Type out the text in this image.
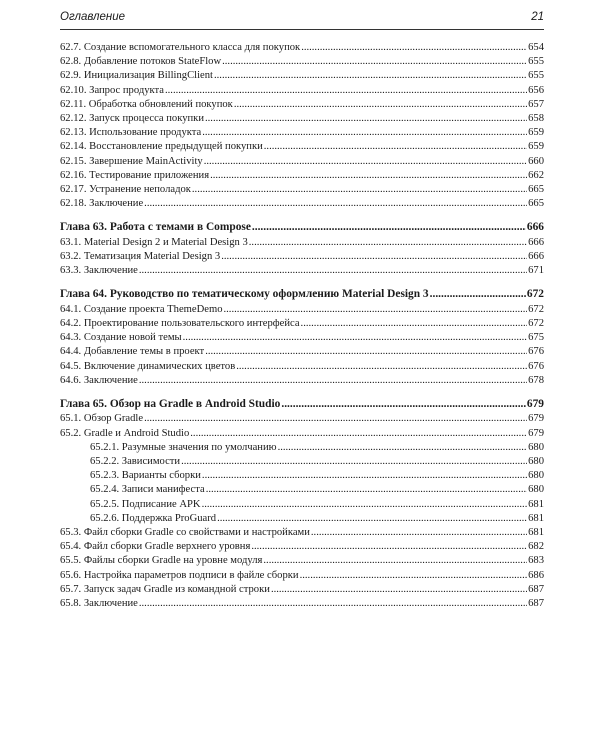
Оглавление	21
62.7. Создание вспомогательного класса для покупок .....	654
62.8. Добавление потоков StateFlow .....	655
62.9. Инициализация BillingClient .....	655
62.10. Запрос продукта .....	656
62.11. Обработка обновлений покупок .....	657
62.12. Запуск процесса покупки .....	658
62.13. Использование продукта .....	659
62.14. Восстановление предыдущей покупки .....	659
62.15. Завершение MainActivity .....	660
62.16. Тестирование приложения .....	662
62.17. Устранение неполадок .....	665
62.18. Заключение .....	665
Глава 63. Работа с темами в Compose .....	666
63.1. Material Design 2 и Material Design 3 .....	666
63.2. Тематизация Material Design 3 .....	666
63.3. Заключение .....	671
Глава 64. Руководство по тематическому оформлению Material Design 3 .....	672
64.1. Создание проекта ThemeDemo .....	672
64.2. Проектирование пользовательского интерфейса .....	672
64.3. Создание новой темы .....	675
64.4. Добавление темы в проект .....	676
64.5. Включение динамических цветов .....	676
64.6. Заключение .....	678
Глава 65. Обзор на Gradle в Android Studio .....	679
65.1. Обзор Gradle .....	679
65.2. Gradle и Android Studio .....	679
65.2.1. Разумные значения по умолчанию .....	680
65.2.2. Зависимости .....	680
65.2.3. Варианты сборки .....	680
65.2.4. Записи манифеста .....	680
65.2.5. Подписание APK .....	681
65.2.6. Поддержка ProGuard .....	681
65.3. Файл сборки Gradle со свойствами и настройками .....	681
65.4. Файл сборки Gradle верхнего уровня .....	682
65.5. Файлы сборки Gradle на уровне модуля .....	683
65.6. Настройка параметров подписи в файле сборки .....	686
65.7. Запуск задач Gradle из командной строки .....	687
65.8. Заключение .....	687
